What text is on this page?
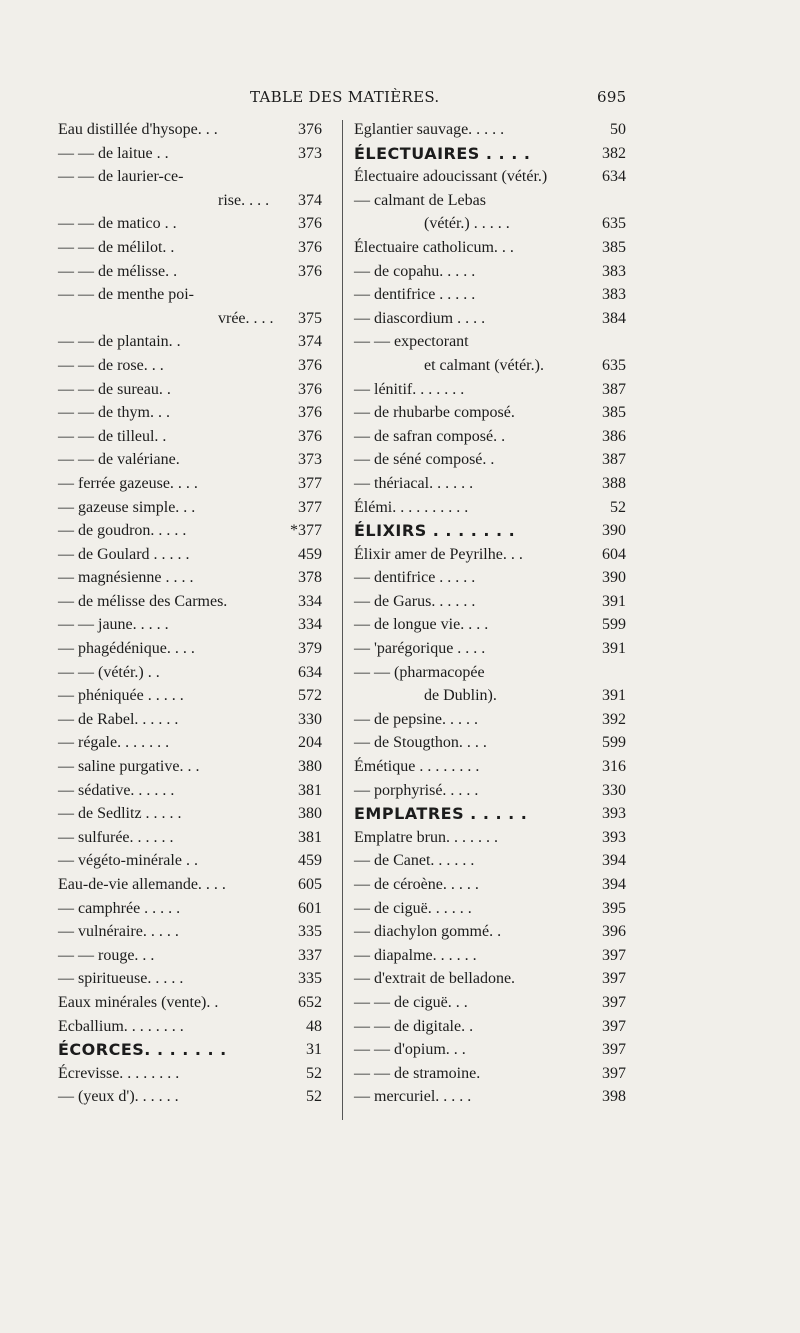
TABLE DES MATIÈRES.	695
Eau distillée d'hysope. . .	376
— — de laitue . .	373
— — de laurier-ce-
rise. . . . 374
— — de matico . .	376
— — de mélilot. .	376
— — de mélisse. .	376
— — de menthe poi-
vrée. . . . 375
— — de plantain. .	374
— — de rose. . .	376
— — de sureau. .	376
— — de thym. . .	376
— — de tilleul. .	376
— — de valériane.	373
— ferrée gazeuse. . . .	377
— gazeuse simple. . .	377
— de goudron. . . . .	*377
— de Goulard . . . . .	459
— magnésienne . . . .	378
— de mélisse des Carmes.	334
— — jaune. . . . .	334
— phagédénique. . . .	379
— — (vétér.) . .	634
— phéniquée . . . . .	572
— de Rabel. . . . . .	330
— régale. . . . . . .	204
— saline purgative. . .	380
— sédative. . . . . .	381
— de Sedlitz . . . . .	380
— sulfurée. . . . . .	381
— végéto-minérale . .	459
Eau-de-vie allemande. . . .	605
— camphrée . . . . .	601
— vulnéraire. . . . .	335
— — rouge. . .	337
— spiritueuse. . . . .	335
Eaux minérales (vente). .	652
Ecballium. . . . . . . .	48
ÉCORCES. . . . . . .	31
Écrevisse. . . . . . . .	52
— (yeux d'). . . . . .	52
Eglantier sauvage. . . . .	50
ÉLECTUAIRES . . . .	382
Électuaire adoucissant (vétér.)	634
— calmant de Lebas
(vétér.) . . . . .	635
Électuaire catholicum. . .	385
— de copahu. . . . .	383
— dentifrice . . . . .	383
— diascordium . . . .	384
— — expectorant
et calmant (vétér.).	635
— lénitif. . . . . . .	387
— de rhubarbe composé.	385
— de safran composé. .	386
— de séné composé. .	387
— thériacal. . . . . .	388
Élémi. . . . . . . . . .	52
ÉLIXIRS . . . . . . .	390
Élixir amer de Peyrilhe. . .	604
— dentifrice . . . . .	390
— de Garus. . . . . .	391
— de longue vie. . . .	599
— 'parégorique . . . .	391
— — (pharmacopée
de Dublin).	391
— de pepsine. . . . .	392
— de Stougthon. . . .	599
Émétique . . . . . . . .	316
— porphyrisé. . . . .	330
EMPLATRES . . . . .	393
Emplatre brun. . . . . . .	393
— de Canet. . . . . .	394
— de céroène. . . . .	394
— de ciguë. . . . . .	395
— diachylon gommé. .	396
— diapalme. . . . . .	397
— d'extrait de belladone.	397
— — de ciguë. . .	397
— — de digitale. .	397
— — d'opium. . .	397
— — de stramoine.	397
— mercuriel. . . . .	398
